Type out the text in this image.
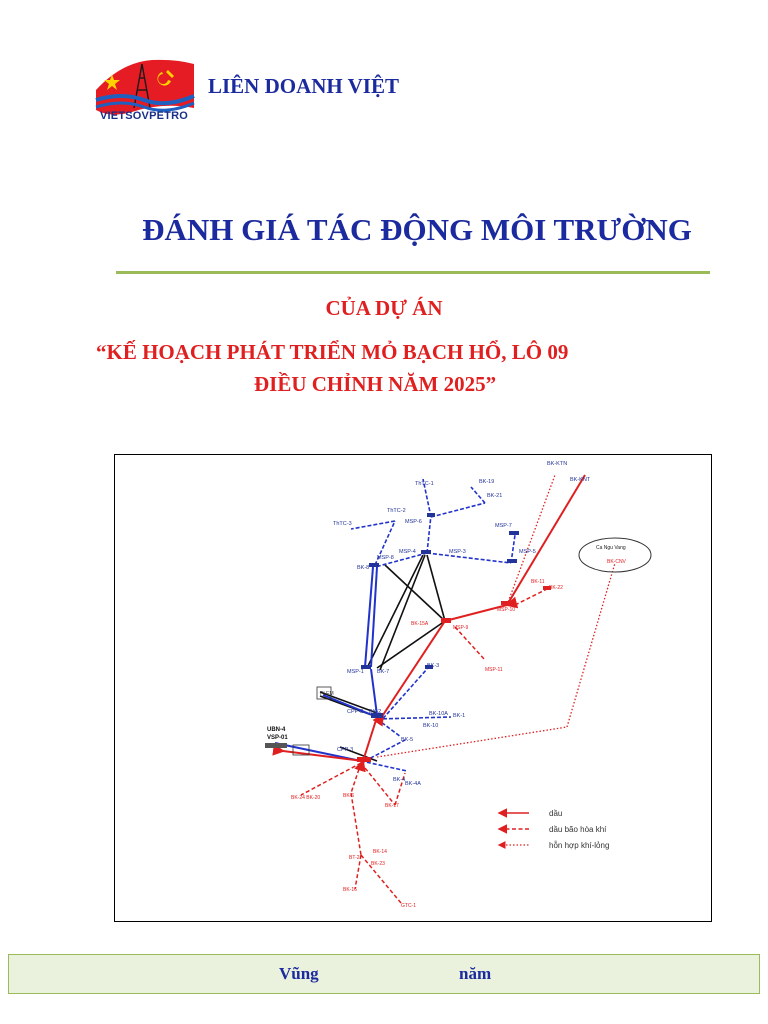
VIETSOVPETRO
LIÊN DOANH VIỆT
ĐÁNH GIÁ TÁC ĐỘNG MÔI TRƯỜNG
CỦA DỰ ÁN
“KẾ HOẠCH PHÁT TRIỂN MỎ BẠCH HỔ, LÔ 09
ĐIỀU CHỈNH NĂM 2025”
Ca Ngu Vang
BK-CNV
BK-KTN
BK-KNT
BK-19
BK-21
ThTC-1
ThTC-2
ThTC-3	MSP-6
MSP-7
MSP-4	MSP-3	MSP-5
MSP-8
BK-8
MSP-10
MSP-9
BK-15A
BK-11
BK-22
MSP-11
MSP-1 BK-7
BK-3
PLEM
CPP-2 BK-2	BK-10A BK-1
BK-10
UBN-4
VSP-01	BK-5
CPP-3
BK-4
BK-4A
BK-24 BK-20	BK-6
BK-17
BK-14
BT-2
BK-23
BK-16
GTC-1
dầu
dầu bão hòa khí
hỗn hợp khí-lỏng
Vũng	năm
